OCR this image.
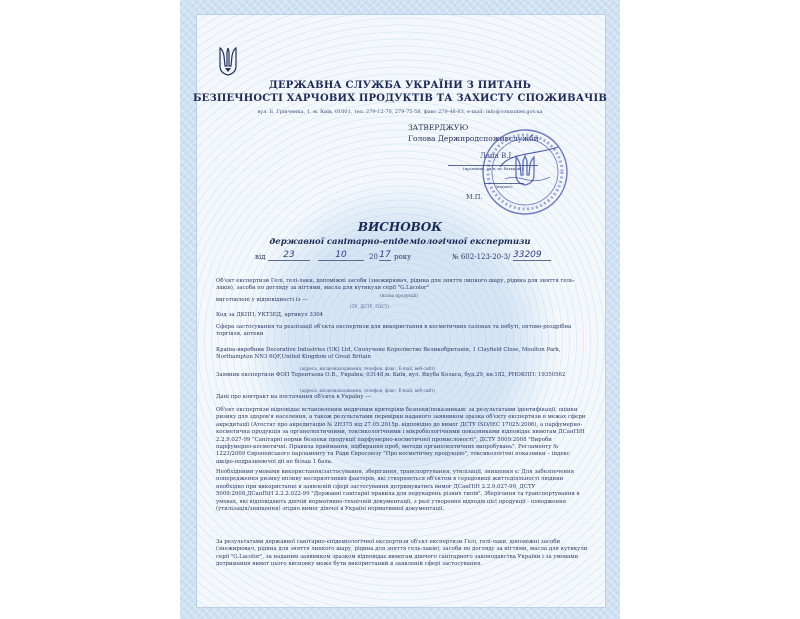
ДЕРЖАВНА СЛУЖБА УКРАЇНИ З ПИТАНЬ
БЕЗПЕЧНОСТІ ХАРЧОВИХ ПРОДУКТІВ ТА ЗАХИСТУ СПОЖИВАЧІВ
вул. Б. Грінченка, 1, м. Київ, 01001, тел. 279-12-70, 279-75-58, факс 279-48-83, e-mail: info@consumer.gov.ua
ЗАТВЕРДЖУЮ
Голова Держпродспоживслужби
Лапа В.І.
(прізвище, ім'я, по батькові)
(підпис)
М.П.
ВИСНОВОК
державної санітарно-епідеміологічної експертизи
від	23	10	20 17 року	№ 602-123-20-3/ 33209
Об'єкт експертизи Гелі, гелі-лаки, допоміжні засоби (знежирювач, рідина для зняття липкого шару, рідина для зняття гель-лаків), засоби по догляду за нігтями, масла для кутикули серії "G.Lacolor"
(назва продукції)
виготовлені у відповідності із ---
(ТУ, ДСТУ, ГОСТ)
Код за ДКПП, УКТЗЕД, артикул 3304
Сфера застосування та реалізації об'єкта експертизи для використання в косметичних салонах та побуті, оптово-роздрібна торгівля, аптеки
Країна-виробник Decorative Industries (UK) Ltd, Сполучене Королівство Великобританія, 1 Clayfield Close, Moulton Park, Northampton NN3 6QF,United Kingdom of Great Britain
(адреса, місцезнаходження, телефон, факс, E-mail, веб-сайт)
Заявник експертизи ФОП Терентьєва О.В., Україна, 03148,м. Київ, вул. Якуба Коласа, буд.29, кв.182, РНОКПП: 19350562
(адреса, місцезнаходження, телефон, факс, E-mail, веб-сайт)
Дані про контракт на постачання об'єкта в Україну ---
Об'єкт експертизи відповідає встановленим медичним критеріям безпеки/показникам: за результатами ідентифікації, оцінки ризику для здоров'я населення, а також результатами перевірки наданого заявником зразка об'єкту експертизи в межах сфери акредитації (Атестат про акредитацію № 2Н375 від 27.05.2015р. відповідно до вимог ДСТУ ISO/IEC 17025:2006), а парфумерно-косметична продукція за органолептичними, токсикологічними і мікробіологічними показниками відповідає вимогам ДСанПіН 2.2.9.027-99 "Санітарні норми безпеки продукції парфумерно-косметичної промисловості", ДСТУ 5009:2008 "Вироби парфумерно-косметичні. Правила приймання, відбирання проб, методи органолептичних випробувань", Регламенту № 1223/2009 Європейського парламенту та Ради Євросоюзу "Про косметичну продукцію", токсикологічні показники – індекс шкіро-подразнюючої дії не більш 1 бала.
Необхідними умовами використання/застосування, зберігання, транспортування, утилізації, знищення є: Для забезпечення попередження ризику впливу несприятливих факторів, які створюються об'єктом в середовищі життєдіяльності людини необхідно при використанні в заявленій сфері застосування дотримуватись вимог ДСанПіН 2.2.9.027-99, ДСТУ 5009:2008,ДСанПіН 2.2.2.022-99 "Державні санітарні правила для перукарень різних типів". Зберігання та транспортування в умовах, які відповідають діючій нормативно-технічній документації, з разі утворення відходів цієї продукції - поводження (утилізація/знищення) згідно вимог діючої в Україні нормативної документації.
За результатами державної санітарно-епідеміологічної експертизи об'єкт експертизи Гелі, гелі-лаки, допоміжні засоби (знежирювач, рідина для зняття липкого шару, рідина для зняття гель-лаків), засоби по догляду за нігтями, масла для кутикули серії "G.Lacolor", за наданим заявником зразком відповідає вимогам діючого санітарного законодавства України і за умовами дотримання вимог цього висновку може бути використаний в заявленій сфері застосування.
